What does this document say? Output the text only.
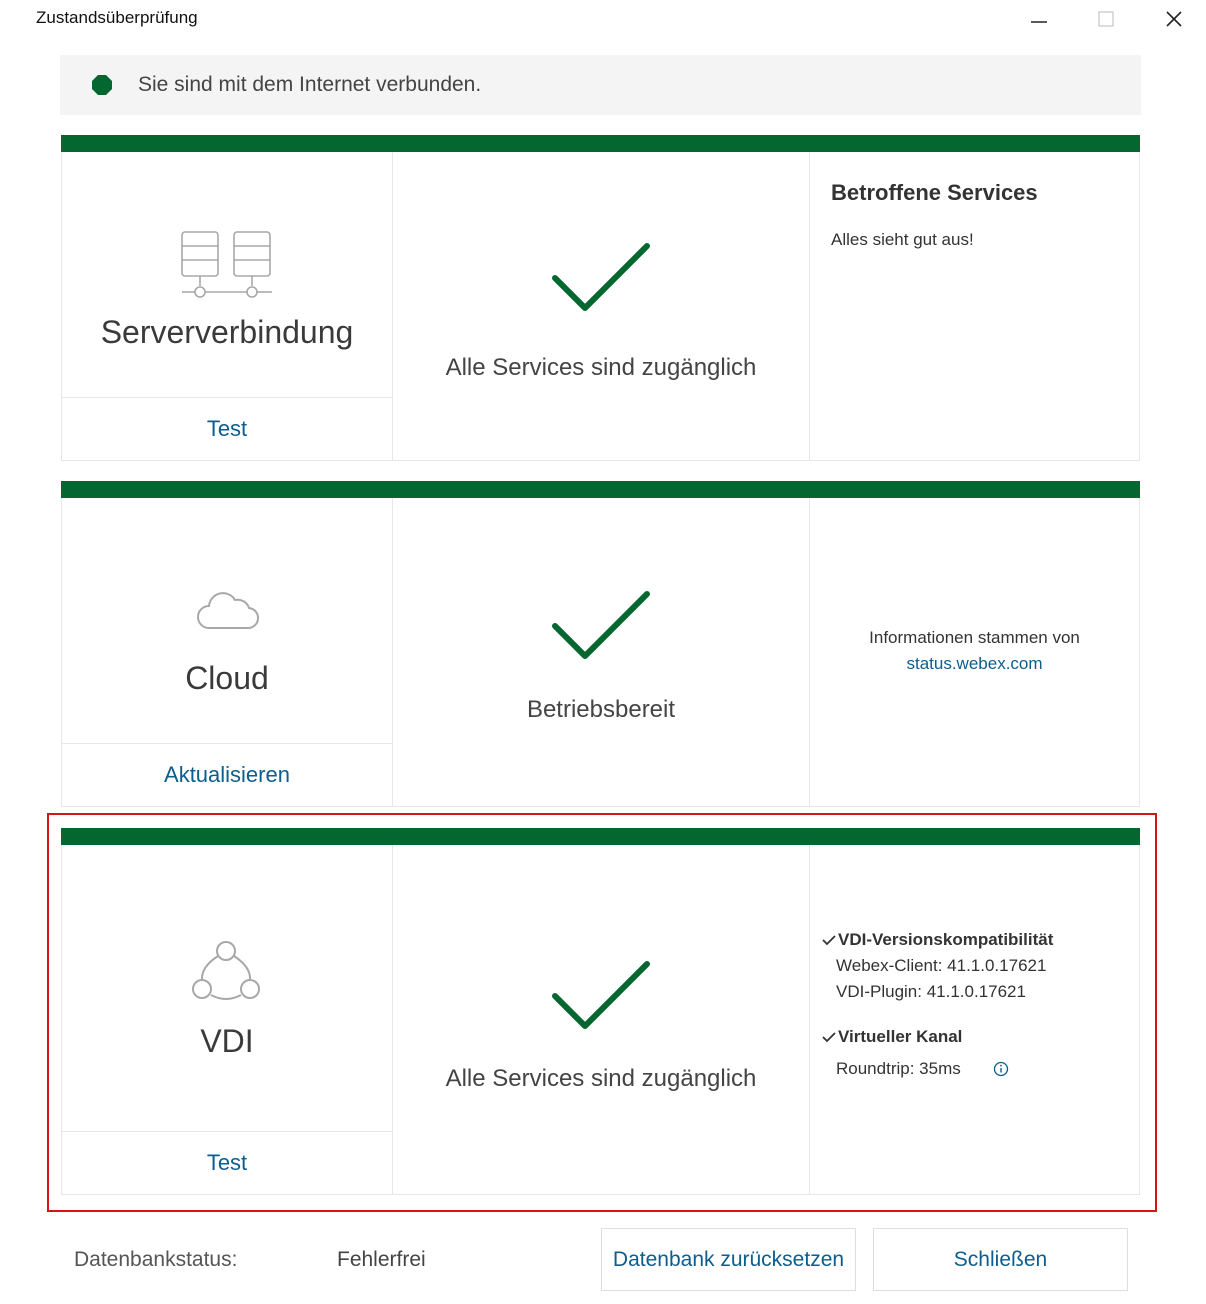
Zustandsüberprüfung
Sie sind mit dem Internet verbunden.
Serververbindung
Test
Alle Services sind zugänglich
Betroffene Services
Alles sieht gut aus!
Cloud
Aktualisieren
Betriebsbereit
Informationen stammen von
status.webex.com
VDI
Test
Alle Services sind zugänglich
VDI-Versionskompatibilität
Webex-Client: 41.1.0.17621
VDI-Plugin: 41.1.0.17621
Virtueller Kanal
Roundtrip: 35ms
Datenbankstatus:	Fehlerfrei	Datenbank zurücksetzen	Schließen
